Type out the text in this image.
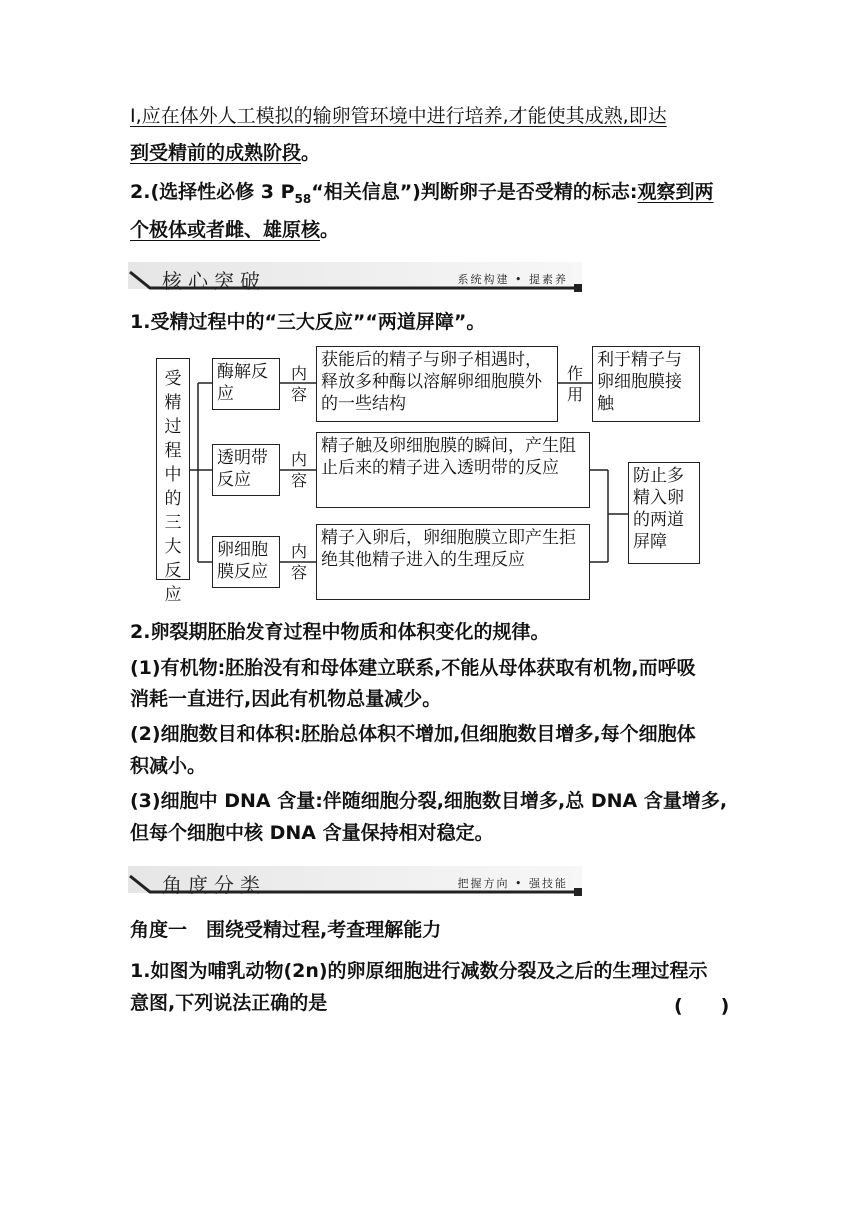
Ⅰ,应在体外人工模拟的输卵管环境中进行培养,才能使其成熟,即达
到受精前的成熟阶段。
2.(选择性必修 3 $P_{58}“$相关信息”)判断卵子是否受精的标志:观察到两
个极体或者雌、雄原核。
核心突破	系统构建 • 提素养
1.受精过程中的“三大反应”“两道屏障”。
受精过程中的三大反应
酶解反应
透明带反应
卵细胞膜反应
内容
内容
内容
获能后的精子与卵子相遇时，释放多种酶以溶解卵细胞膜外的一些结构
精子触及卵细胞膜的瞬间，产生阻止后来的精子进入透明带的反应
精子入卵后，卵细胞膜立即产生拒绝其他精子进入的生理反应
作用
利于精子与卵细胞膜接触
防止多精入卵的两道屏障
2.卵裂期胚胎发育过程中物质和体积变化的规律。
(1)有机物:胚胎没有和母体建立联系,不能从母体获取有机物,而呼吸
消耗一直进行,因此有机物总量减少。
(2)细胞数目和体积:胚胎总体积不增加,但细胞数目增多,每个细胞体
积减小。
(3)细胞中 DNA 含量:伴随细胞分裂,细胞数目增多,总 DNA 含量增多,
但每个细胞中核 DNA 含量保持相对稳定。
角度分类	把握方向 • 强技能
角度一　围绕受精过程,考查理解能力
1.如图为哺乳动物(2n)的卵原细胞进行减数分裂及之后的生理过程示
意图,下列说法正确的是	(　　)
